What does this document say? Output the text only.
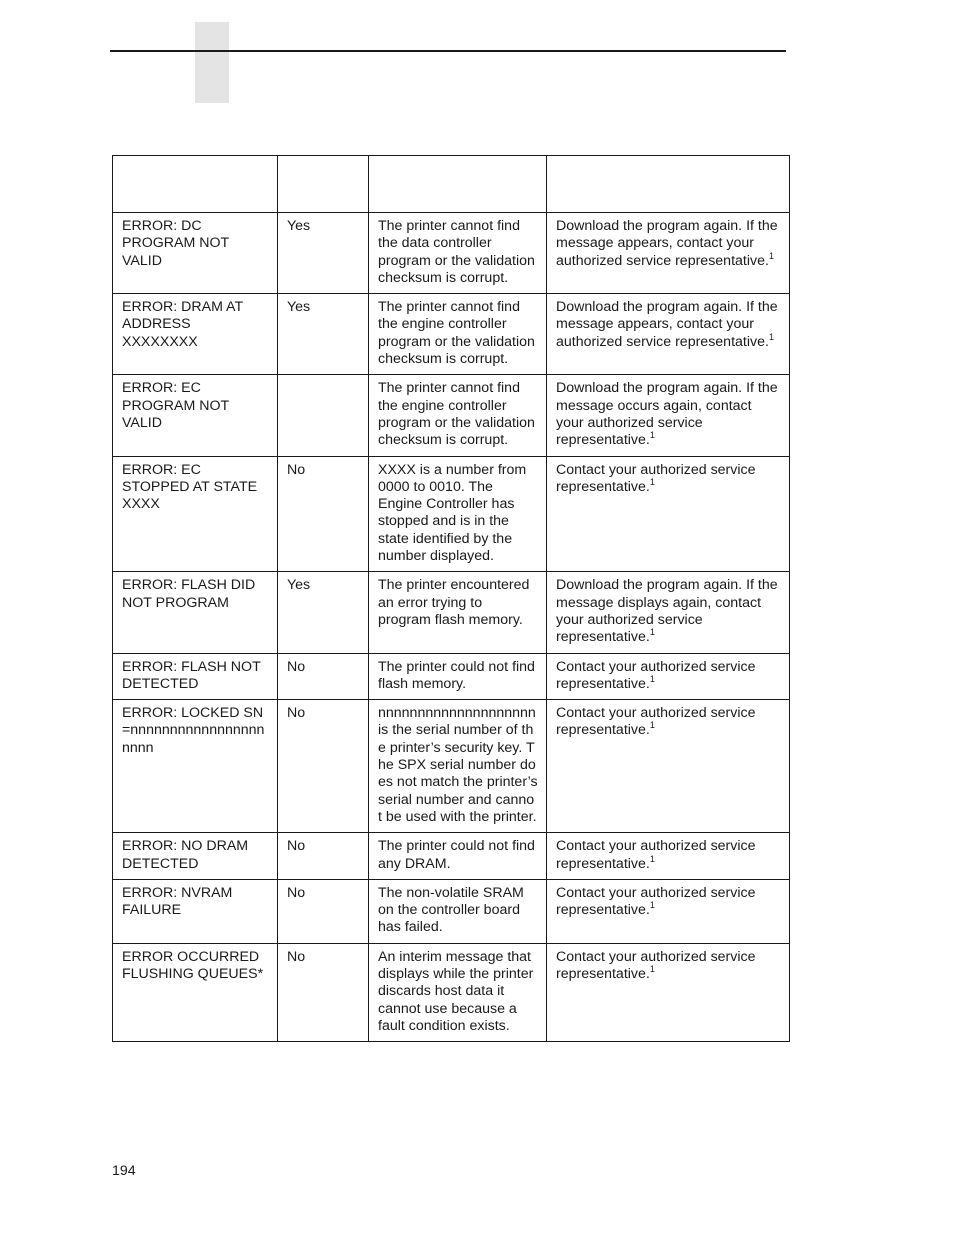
ERROR: DC PROGRAM NOT VALID	Yes	The printer cannot find the data controller program or the validation checksum is corrupt.	Download the program again. If the message appears, contact your authorized service representative.$^1$
ERROR: DRAM AT ADDRESS XXXXXXXX	Yes	The printer cannot find the engine controller program or the validation checksum is corrupt.	Download the program again. If the message appears, contact your authorized service representative.$^1$
ERROR: EC PROGRAM NOT VALID		The printer cannot find the engine controller program or the validation checksum is corrupt.	Download the program again. If the message occurs again, contact your authorized service representative.$^1$
ERROR: EC STOPPED AT STATE XXXX	No	XXXX is a number from 0000 to 0010. The Engine Controller has stopped and is in the state identified by the number displayed.	Contact your authorized service representative.$^1$
ERROR: FLASH DID NOT PROGRAM	Yes	The printer encountered an error trying to program flash memory.	Download the program again. If the message displays again, contact your authorized service representative.$^1$
ERROR: FLASH NOT DETECTED	No	The printer could not find flash memory.	Contact your authorized service representative.$^1$
ERROR: LOCKED SN=nnnnnnnnnnnnnnnnnnnnn	No	nnnnnnnnnnnnnnnnnnnn is the serial number of the printer’s security key. The SPX serial number does not match the printer’s serial number and cannot be used with the printer.	Contact your authorized service representative.$^1$
ERROR: NO DRAM DETECTED	No	The printer could not find any DRAM.	Contact your authorized service representative.$^1$
ERROR: NVRAM FAILURE	No	The non-volatile SRAM on the controller board has failed.	Contact your authorized service representative.$^1$
ERROR OCCURRED FLUSHING QUEUES*	No	An interim message that displays while the printer discards host data it cannot use because a fault condition exists.	Contact your authorized service representative.$^1$
194
